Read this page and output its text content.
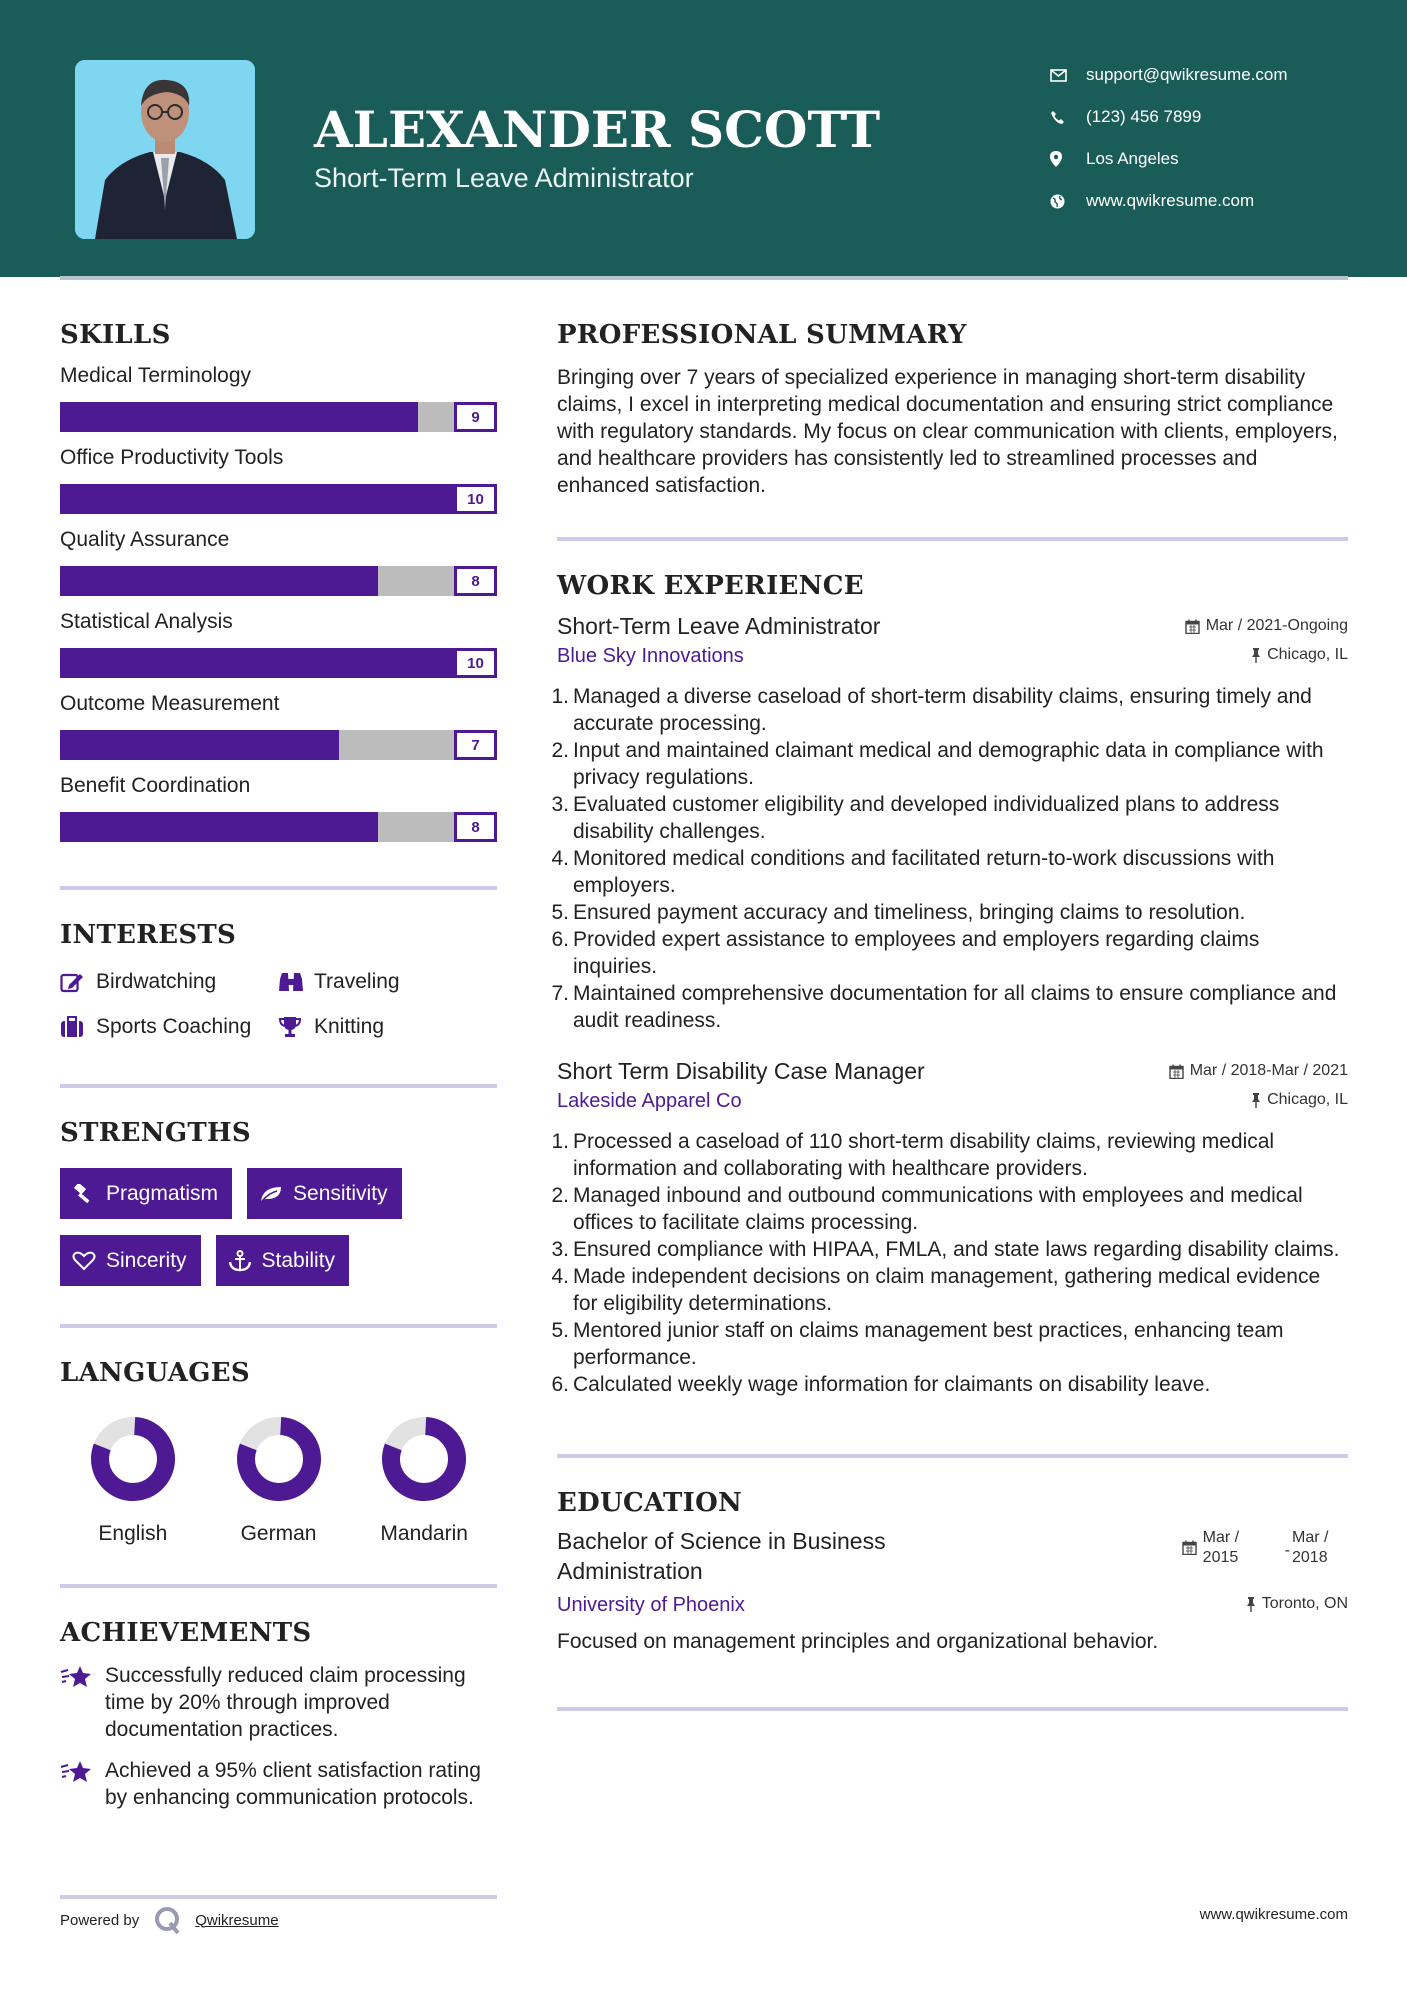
ALEXANDER SCOTT
Short-Term Leave Administrator
support@qwikresume.com
(123) 456 7899
Los Angeles
www.qwikresume.com
SKILLS
Medical Terminology
9
Office Productivity Tools
10
Quality Assurance
8
Statistical Analysis
10
Outcome Measurement
7
Benefit Coordination
8
INTERESTS
Birdwatching	Traveling
Sports Coaching	Knitting
STRENGTHS
Pragmatism	Sensitivity
Sincerity	Stability
LANGUAGES
English	German	Mandarin
ACHIEVEMENTS
Successfully reduced claim processing time by 20% through improved documentation practices.
Achieved a 95% client satisfaction rating by enhancing communication protocols.
Powered by	Qwikresume	www.qwikresume.com
PROFESSIONAL SUMMARY
Bringing over 7 years of specialized experience in managing short-term disability claims, I excel in interpreting medical documentation and ensuring strict compliance with regulatory standards. My focus on clear communication with clients, employers, and healthcare providers has consistently led to streamlined processes and enhanced satisfaction.
WORK EXPERIENCE
Short-Term Leave Administrator	Mar / 2021-Ongoing
Blue Sky Innovations	Chicago, IL
1. Managed a diverse caseload of short-term disability claims, ensuring timely and accurate processing.
2. Input and maintained claimant medical and demographic data in compliance with privacy regulations.
3. Evaluated customer eligibility and developed individualized plans to address disability challenges.
4. Monitored medical conditions and facilitated return-to-work discussions with employers.
5. Ensured payment accuracy and timeliness, bringing claims to resolution.
6. Provided expert assistance to employees and employers regarding claims inquiries.
7. Maintained comprehensive documentation for all claims to ensure compliance and audit readiness.
Short Term Disability Case Manager	Mar / 2018-Mar / 2021
Lakeside Apparel Co	Chicago, IL
1. Processed a caseload of 110 short-term disability claims, reviewing medical information and collaborating with healthcare providers.
2. Managed inbound and outbound communications with employees and medical offices to facilitate claims processing.
3. Ensured compliance with HIPAA, FMLA, and state laws regarding disability claims.
4. Made independent decisions on claim management, gathering medical evidence for eligibility determinations.
5. Mentored junior staff on claims management best practices, enhancing team performance.
6. Calculated weekly wage information for claimants on disability leave.
EDUCATION
Bachelor of Science in Business Administration
Mar / 2015	-
Mar / 2018
University of Phoenix	Toronto, ON
Focused on management principles and organizational behavior.
